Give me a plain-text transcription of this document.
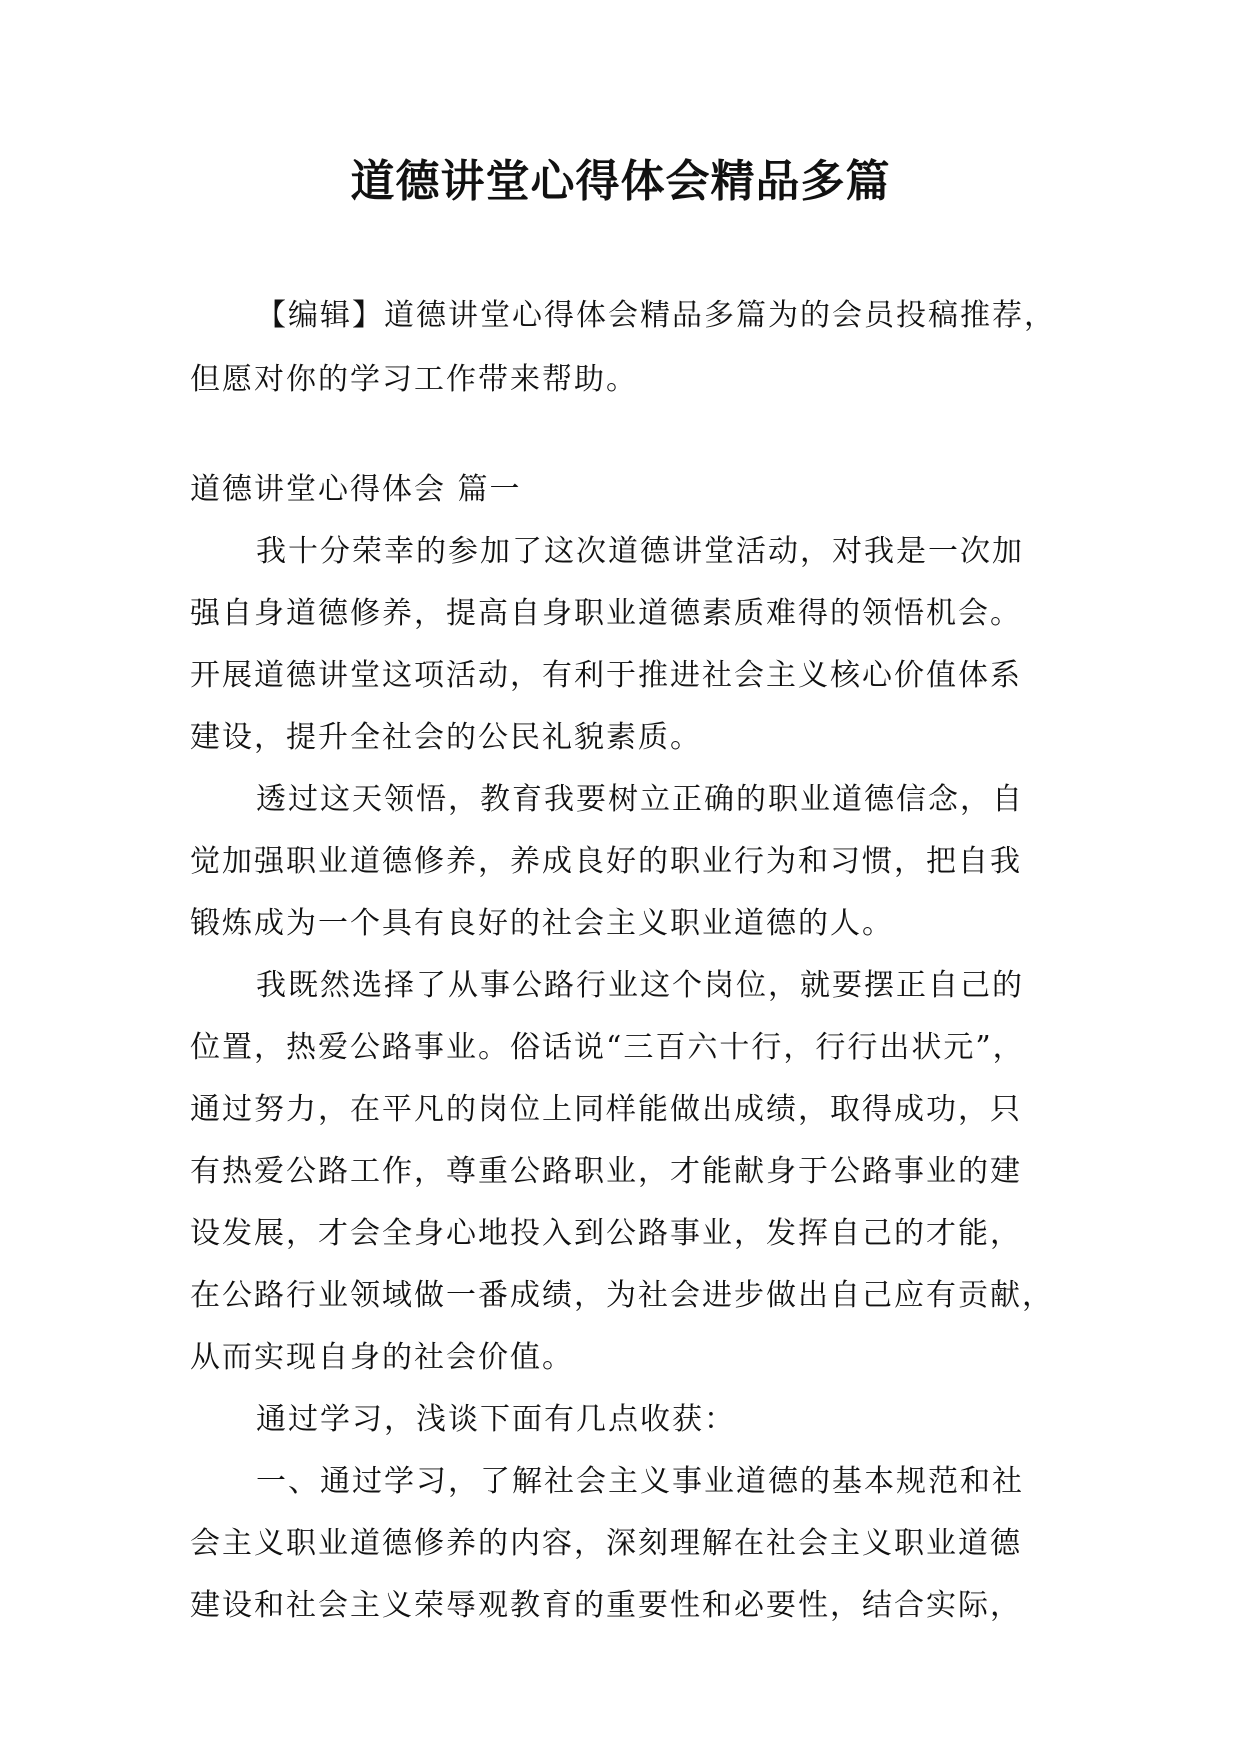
道德讲堂心得体会精品多篇
【编辑】道德讲堂心得体会精品多篇为的会员投稿推荐，
但愿对你的学习工作带来帮助。
道德讲堂心得体会 篇一
我十分荣幸的参加了这次道德讲堂活动，对我是一次加
强自身道德修养，提高自身职业道德素质难得的领悟机会。
开展道德讲堂这项活动，有利于推进社会主义核心价值体系
建设，提升全社会的公民礼貌素质。
透过这天领悟，教育我要树立正确的职业道德信念，自
觉加强职业道德修养，养成良好的职业行为和习惯，把自我
锻炼成为一个具有良好的社会主义职业道德的人。
我既然选择了从事公路行业这个岗位，就要摆正自己的
位置，热爱公路事业。俗话说“三百六十行，行行出状元”，
通过努力，在平凡的岗位上同样能做出成绩，取得成功，只
有热爱公路工作，尊重公路职业，才能献身于公路事业的建
设发展，才会全身心地投入到公路事业，发挥自己的才能，
在公路行业领域做一番成绩，为社会进步做出自己应有贡献，
从而实现自身的社会价值。
通过学习，浅谈下面有几点收获：
一、通过学习，了解社会主义事业道德的基本规范和社
会主义职业道德修养的内容，深刻理解在社会主义职业道德
建设和社会主义荣辱观教育的重要性和必要性，结合实际，
